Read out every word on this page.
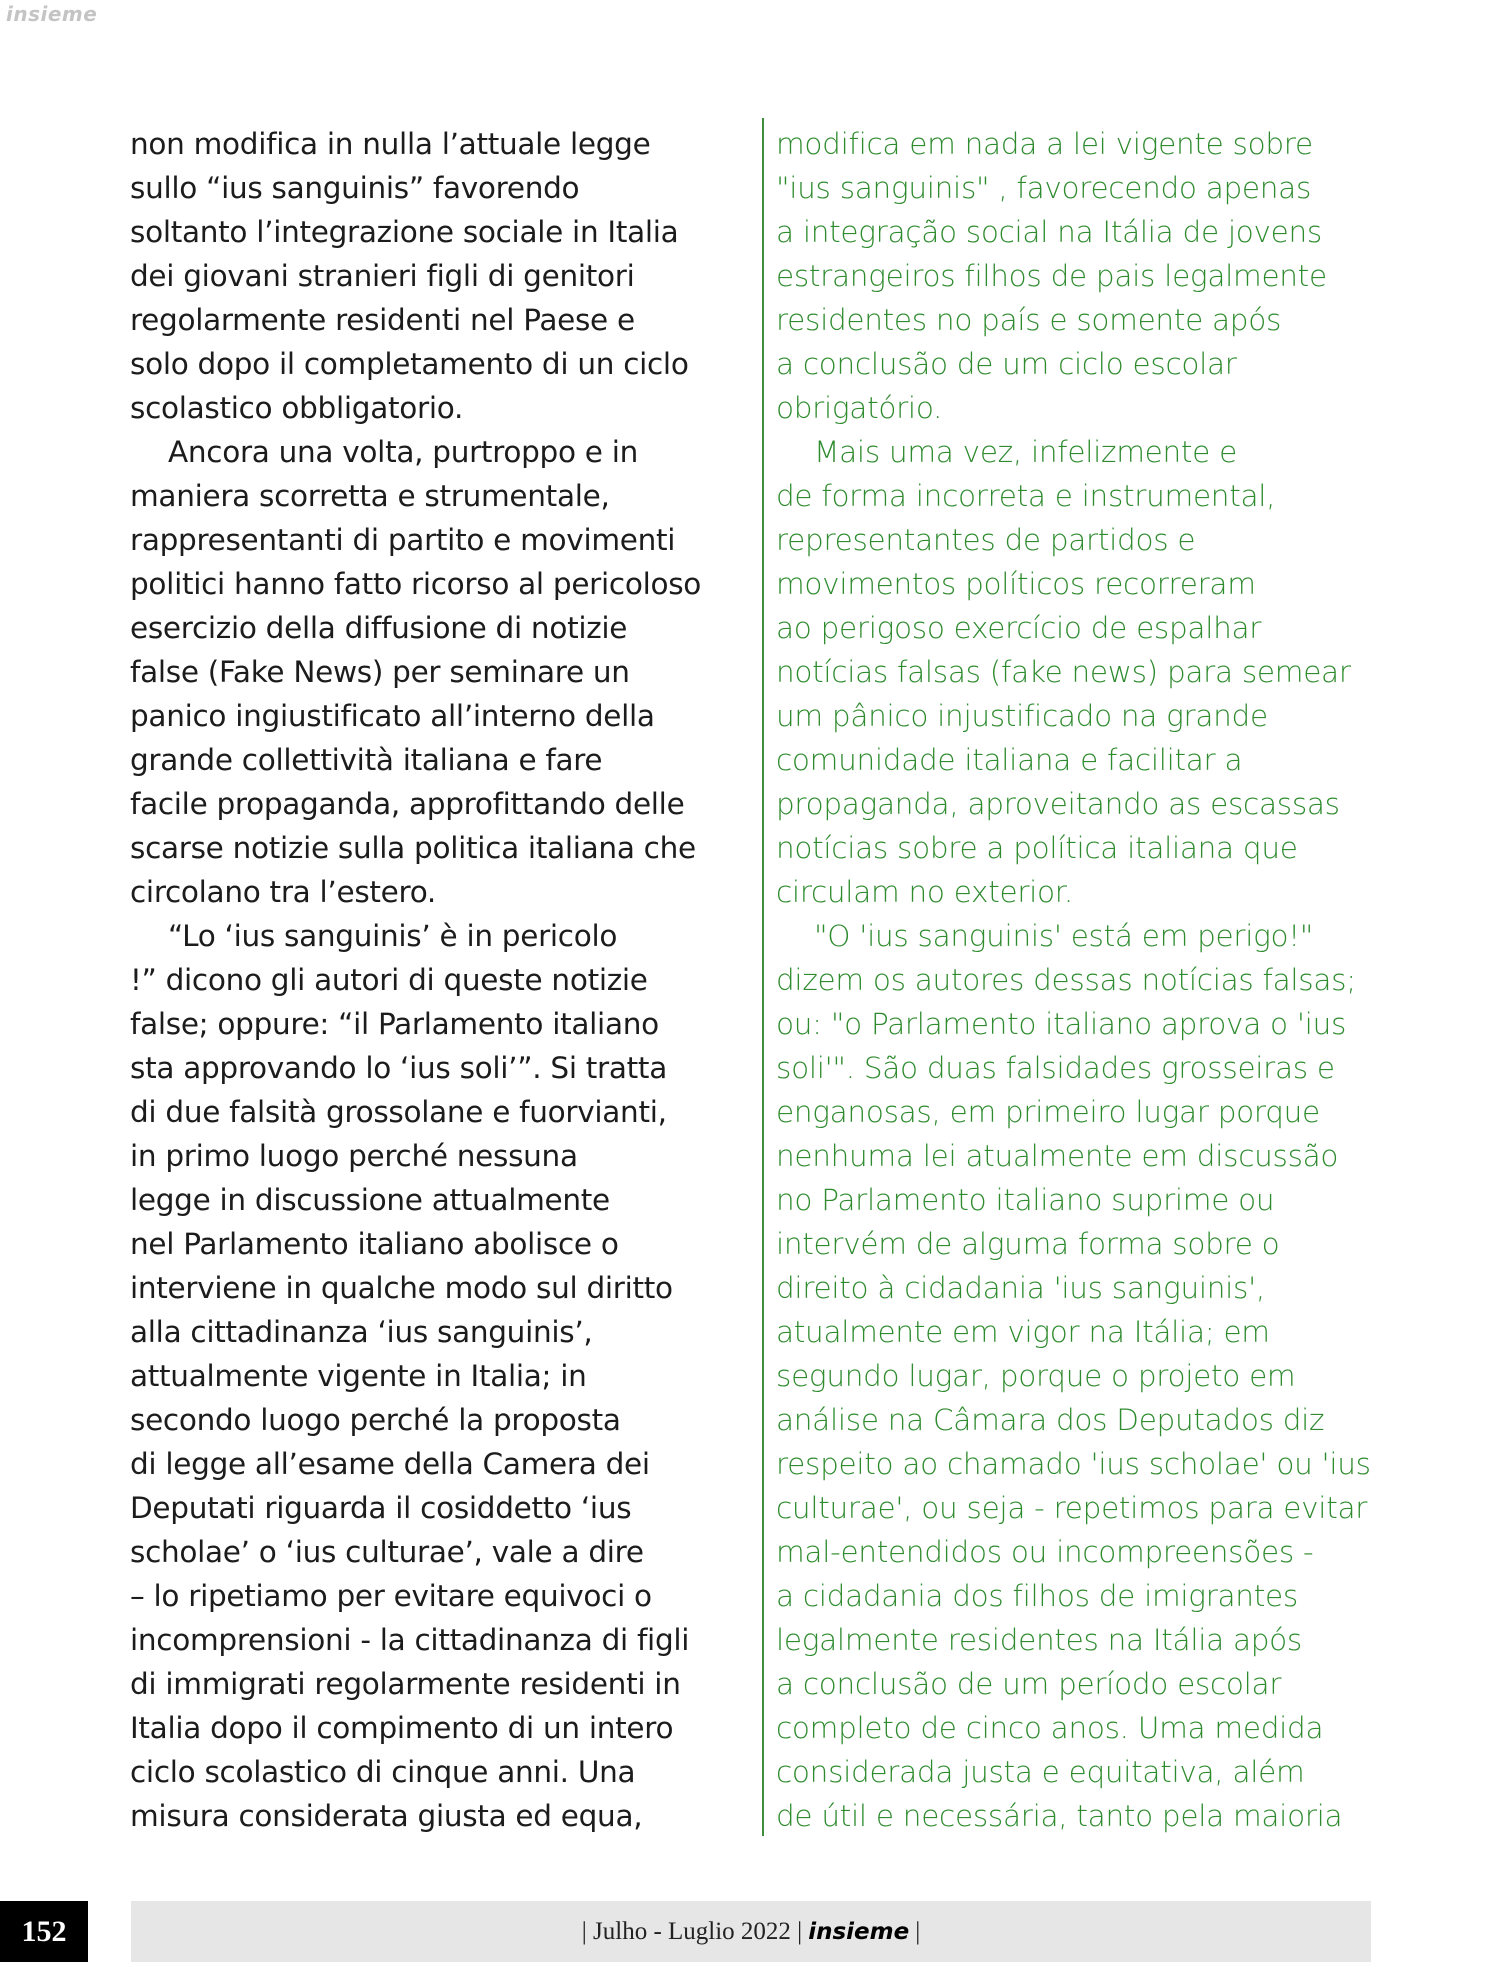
insieme

non modifica in nulla l’attuale legge
sullo “ius sanguinis” favorendo
soltanto l’integrazione sociale in Italia
dei giovani stranieri figli di genitori
regolarmente residenti nel Paese e
solo dopo il completamento di un ciclo
scolastico obbligatorio.

Ancora una volta, purtroppo e in
maniera scorretta e strumentale,
rappresentanti di partito e movimenti
politici hanno fatto ricorso al pericoloso
esercizio della diffusione di notizie
false (Fake News) per seminare un
panico ingiustificato all’interno della
grande collettività italiana e fare
facile propaganda, approfittando delle
scarse notizie sulla politica italiana che
circolano tra l’estero.

“Lo ‘ius sanguinis’ è in pericolo
!” dicono gli autori di queste notizie
false; oppure: “il Parlamento italiano
sta approvando lo ‘ius soli’”. Si tratta
di due falsità grossolane e fuorvianti,
in primo luogo perché nessuna
legge in discussione attualmente
nel Parlamento italiano abolisce o
interviene in qualche modo sul diritto
alla cittadinanza ‘ius sanguinis’,
attualmente vigente in Italia; in
secondo luogo perché la proposta
di legge all’esame della Camera dei
Deputati riguarda il cosiddetto ‘ius
scholae’ o ‘ius culturae’, vale a dire
– lo ripetiamo per evitare equivoci o
incomprensioni - la cittadinanza di figli
di immigrati regolarmente residenti in
Italia dopo il compimento di un intero
ciclo scolastico di cinque anni. Una
misura considerata giusta ed equa,

modifica em nada a lei vigente sobre
"ius sanguinis" , favorecendo apenas
a integração social na Itália de jovens
estrangeiros filhos de pais legalmente
residentes no país e somente após
a conclusão de um ciclo escolar
obrigatório.

Mais uma vez, infelizmente e
de forma incorreta e instrumental,
representantes de partidos e
movimentos políticos recorreram
ao perigoso exercício de espalhar
notícias falsas (fake news) para semear
um pânico injustificado na grande
comunidade italiana e facilitar a
propaganda, aproveitando as escassas
notícias sobre a política italiana que
circulam no exterior.

"O 'ius sanguinis' está em perigo!"
dizem os autores dessas notícias falsas;
ou: "o Parlamento italiano aprova o 'ius
soli'". São duas falsidades grosseiras e
enganosas, em primeiro lugar porque
nenhuma lei atualmente em discussão
no Parlamento italiano suprime ou
intervém de alguma forma sobre o
direito à cidadania 'ius sanguinis',
atualmente em vigor na Itália; em
segundo lugar, porque o projeto em
análise na Câmara dos Deputados diz
respeito ao chamado 'ius scholae' ou 'ius
culturae', ou seja - repetimos para evitar
mal-entendidos ou incompreensões -
a cidadania dos filhos de imigrantes
legalmente residentes na Itália após
a conclusão de um período escolar
completo de cinco anos. Uma medida
considerada justa e equitativa, além
de útil e necessária, tanto pela maioria

152	| Julho - Luglio 2022 | insieme |
